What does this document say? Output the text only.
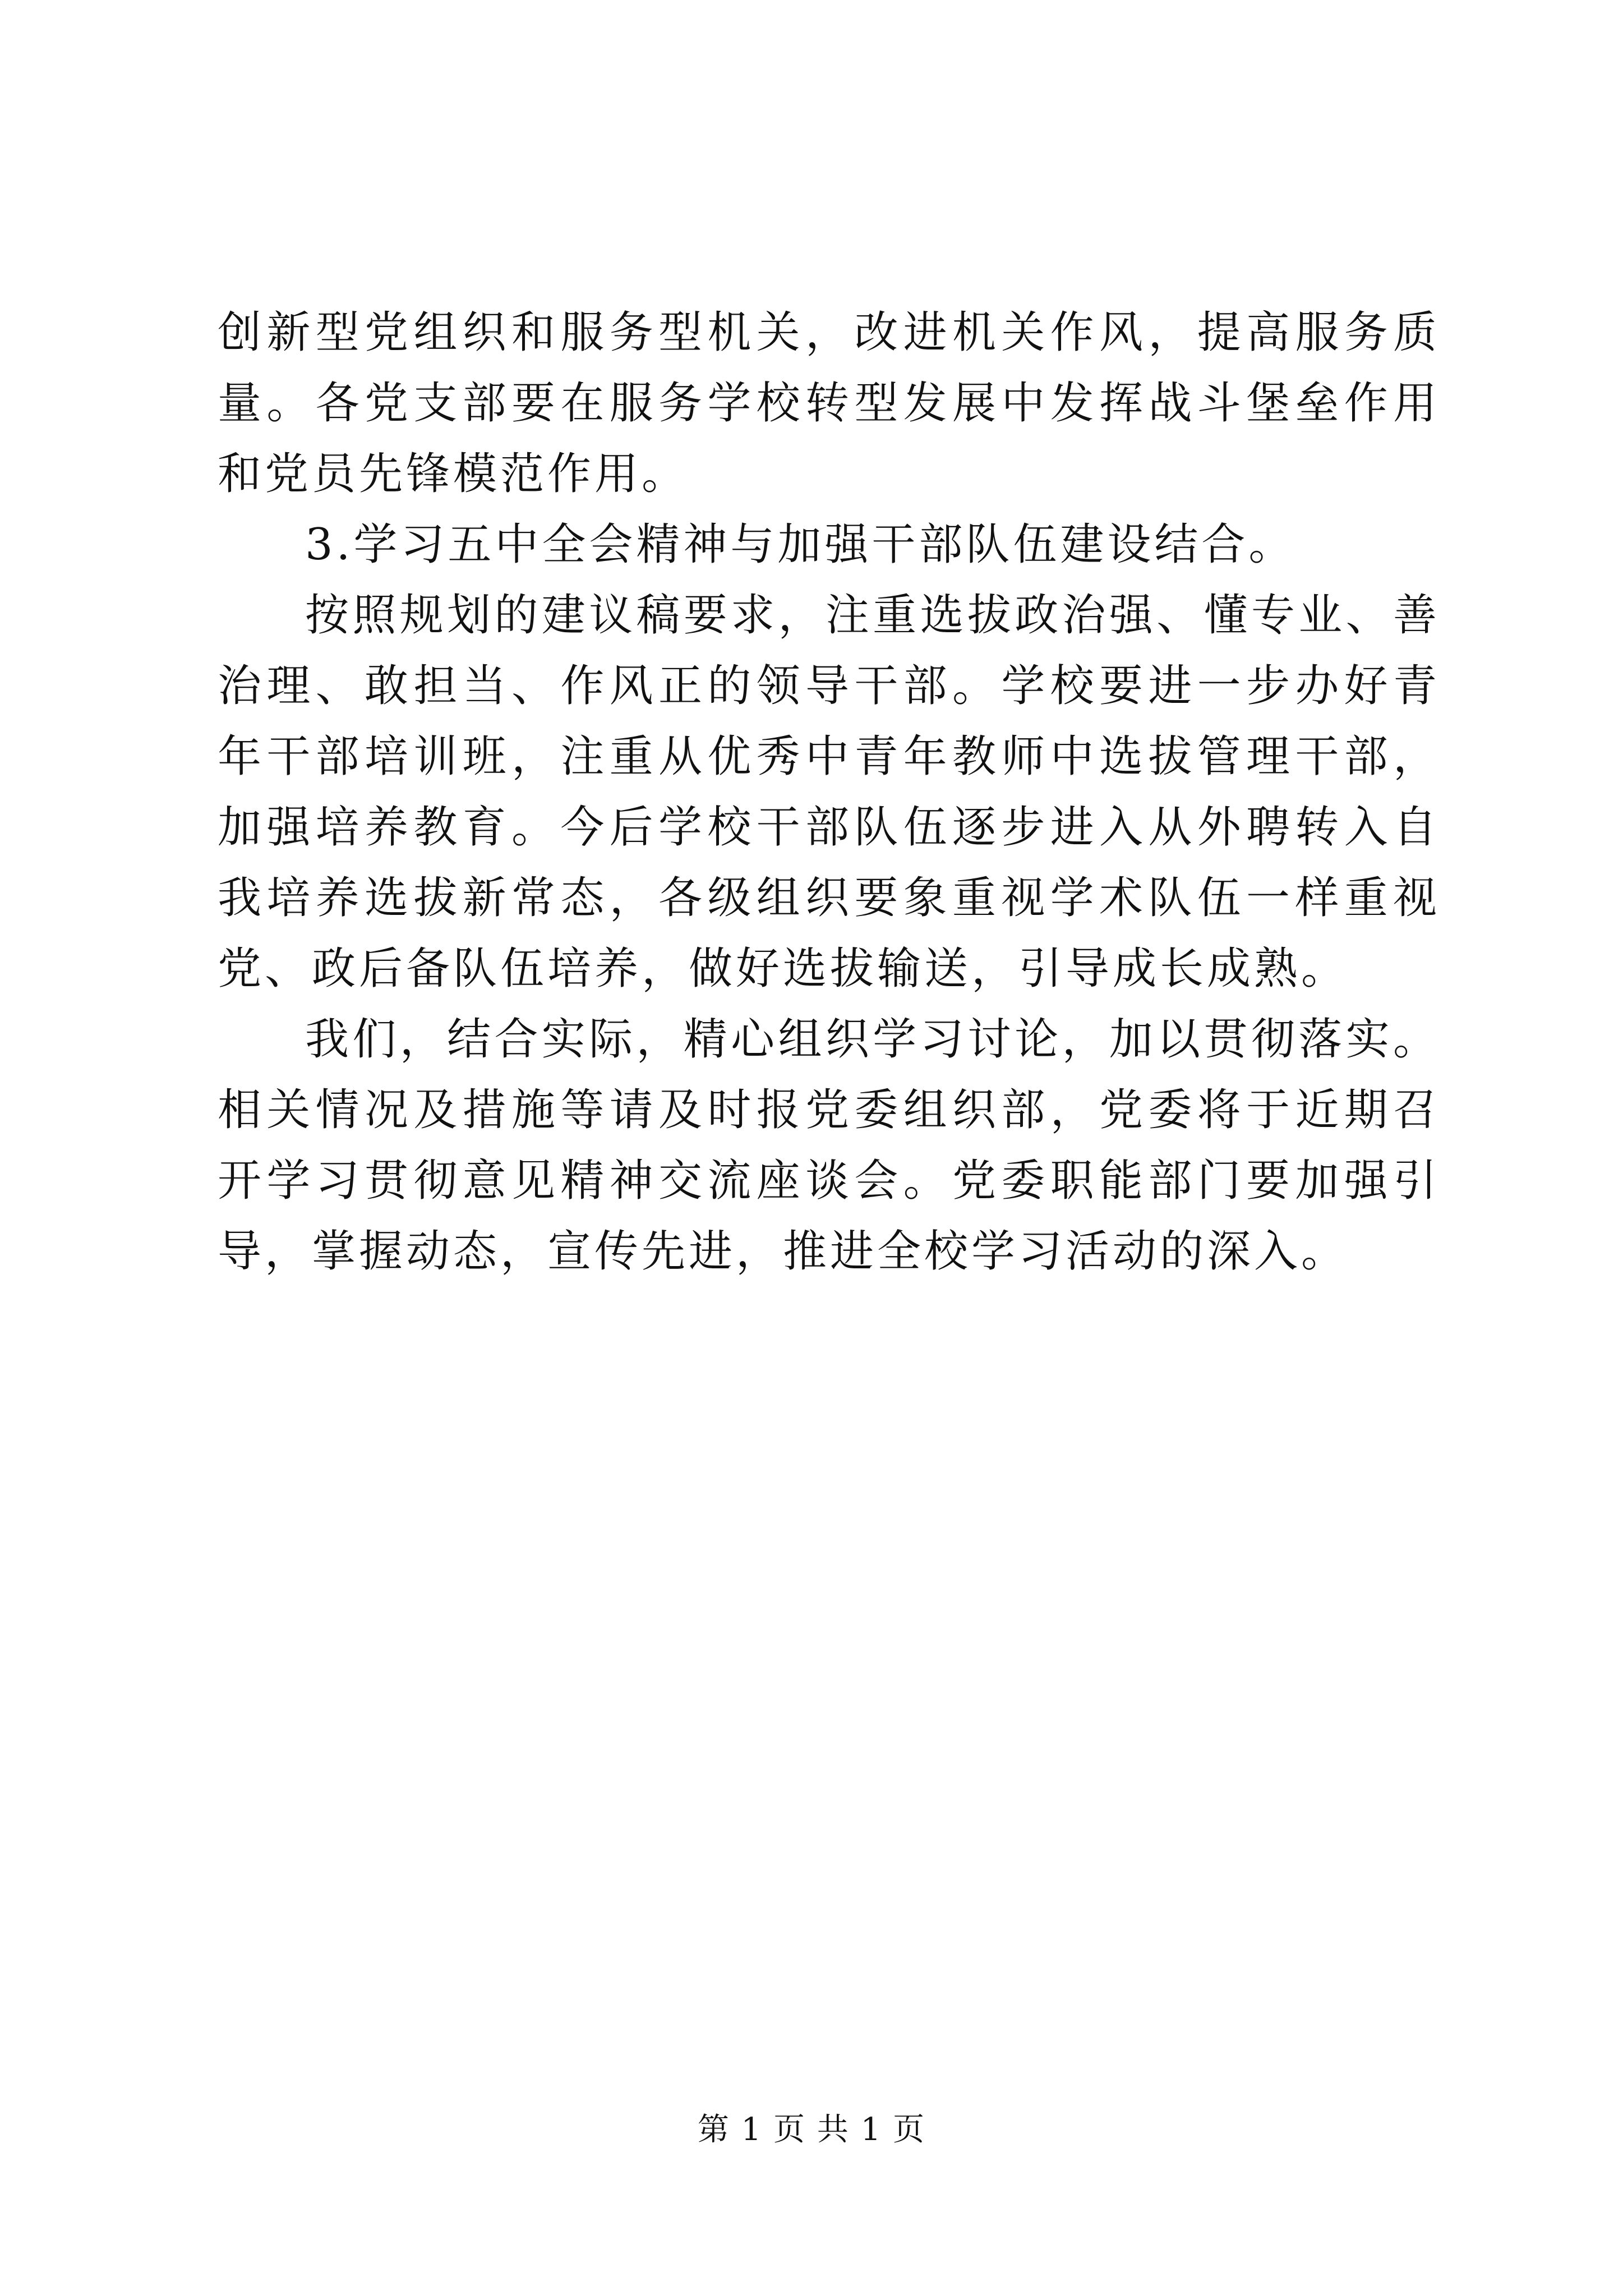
创新型党组织和服务型机关，改进机关作风，提高服务质量。各党支部要在服务学校转型发展中发挥战斗堡垒作用和党员先锋模范作用。

3.学习五中全会精神与加强干部队伍建设结合。

按照规划的建议稿要求，注重选拔政治强、懂专业、善治理、敢担当、作风正的领导干部。学校要进一步办好青年干部培训班，注重从优秀中青年教师中选拔管理干部，加强培养教育。今后学校干部队伍逐步进入从外聘转入自我培养选拔新常态，各级组织要象重视学术队伍一样重视党、政后备队伍培养，做好选拔输送，引导成长成熟。

我们，结合实际，精心组织学习讨论，加以贯彻落实。相关情况及措施等请及时报党委组织部，党委将于近期召开学习贯彻意见精神交流座谈会。党委职能部门要加强引导，掌握动态，宣传先进，推进全校学习活动的深入。

第 1 页 共 1 页
